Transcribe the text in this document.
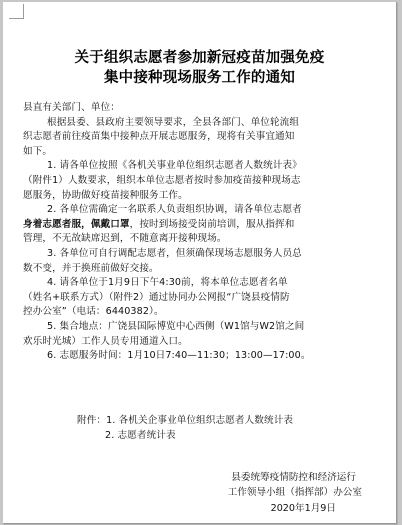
关于组织志愿者参加新冠疫苗加强免疫
集中接种现场服务工作的通知
县直有关部门、单位：
根据县委、县政府主要领导要求，全县各部门、单位轮流组
织志愿者前往疫苗集中接种点开展志愿服务，现将有关事宜通知
如下。
1. 请各单位按照《各机关事业单位组织志愿者人数统计表》
（附件1）人数要求，组织本单位志愿者按时参加疫苗接种现场志
愿服务，协助做好疫苗接种服务工作。
2. 各单位需确定一名联系人负责组织协调，请各单位志愿者
身着志愿者服，佩戴口罩，按时到场接受岗前培训，服从指挥和
管理，不无故缺席迟到，不随意离开接种现场。
3. 各单位可自行调配志愿者，但须确保现场志愿服务人员总
数不变，并于换班前做好交接。
4. 请各单位于1月9日下午4:30前，将本单位志愿者名单
（姓名+联系方式）（附件2）通过协同办公网报“广饶县疫情防
控办公室”（电话：6440382）。
5. 集合地点：广饶县国际博览中心西侧（W1馆与W2馆之间
欢乐时光城）工作人员专用通道入口。
6. 志愿服务时间：1月10日7:40—11:30；13:00—17:00。
附件：1. 各机关企事业单位组织志愿者人数统计表
2. 志愿者统计表
县委统筹疫情防控和经济运行
工作领导小组（指挥部）办公室
2020年1月9日
